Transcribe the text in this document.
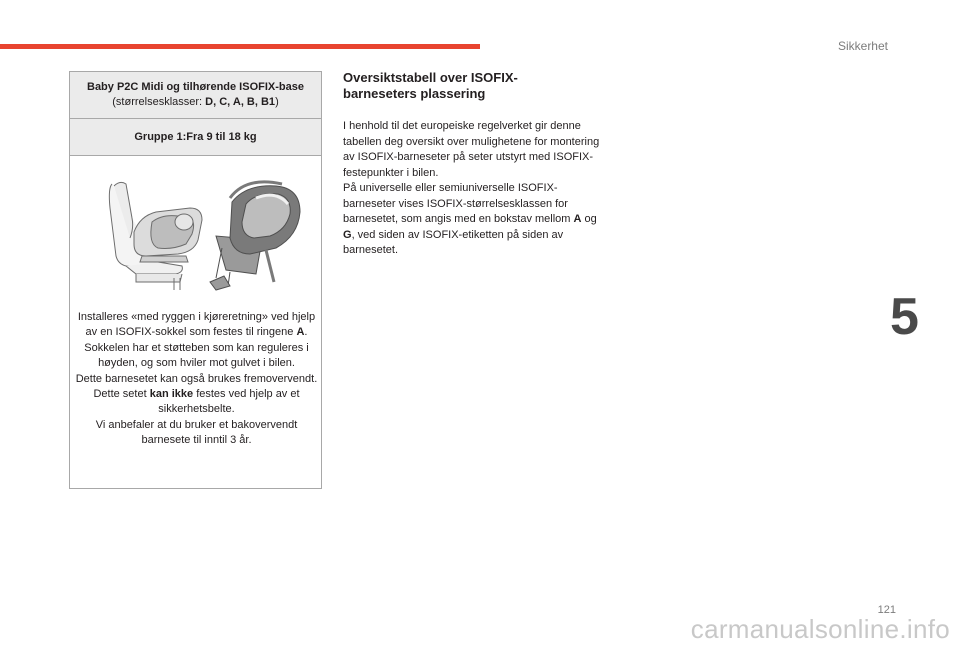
Sikkerhet
5
121
carmanualsonline.info
Baby P2C Midi og tilhørende ISOFIX-base
(størrelsesklasser: D, C, A, B, B1)
Gruppe 1:Fra 9 til 18 kg

Installeres «med ryggen i kjøreretning» ved hjelp av en ISOFIX-sokkel som festes til ringene A.

Sokkelen har et støtteben som kan reguleres i høyden, og som hviler mot gulvet i bilen.

Dette barnesetet kan også brukes fremovervendt.

Dette setet kan ikke festes ved hjelp av et sikkerhetsbelte.

Vi anbefaler at du bruker et bakovervendt barnesete til inntil 3 år.

Oversiktstabell over ISOFIX-
barneseters plassering

I henhold til det europeiske regelverket gir denne tabellen deg oversikt over mulighetene for montering av ISOFIX-barneseter på seter utstyrt med ISOFIX-festepunkter i bilen.

På universelle eller semiuniverselle ISOFIX-barneseter vises ISOFIX-størrelsesklassen for barnesetet, som angis med en bokstav mellom A og G, ved siden av ISOFIX-etiketten på siden av barnesetet.
